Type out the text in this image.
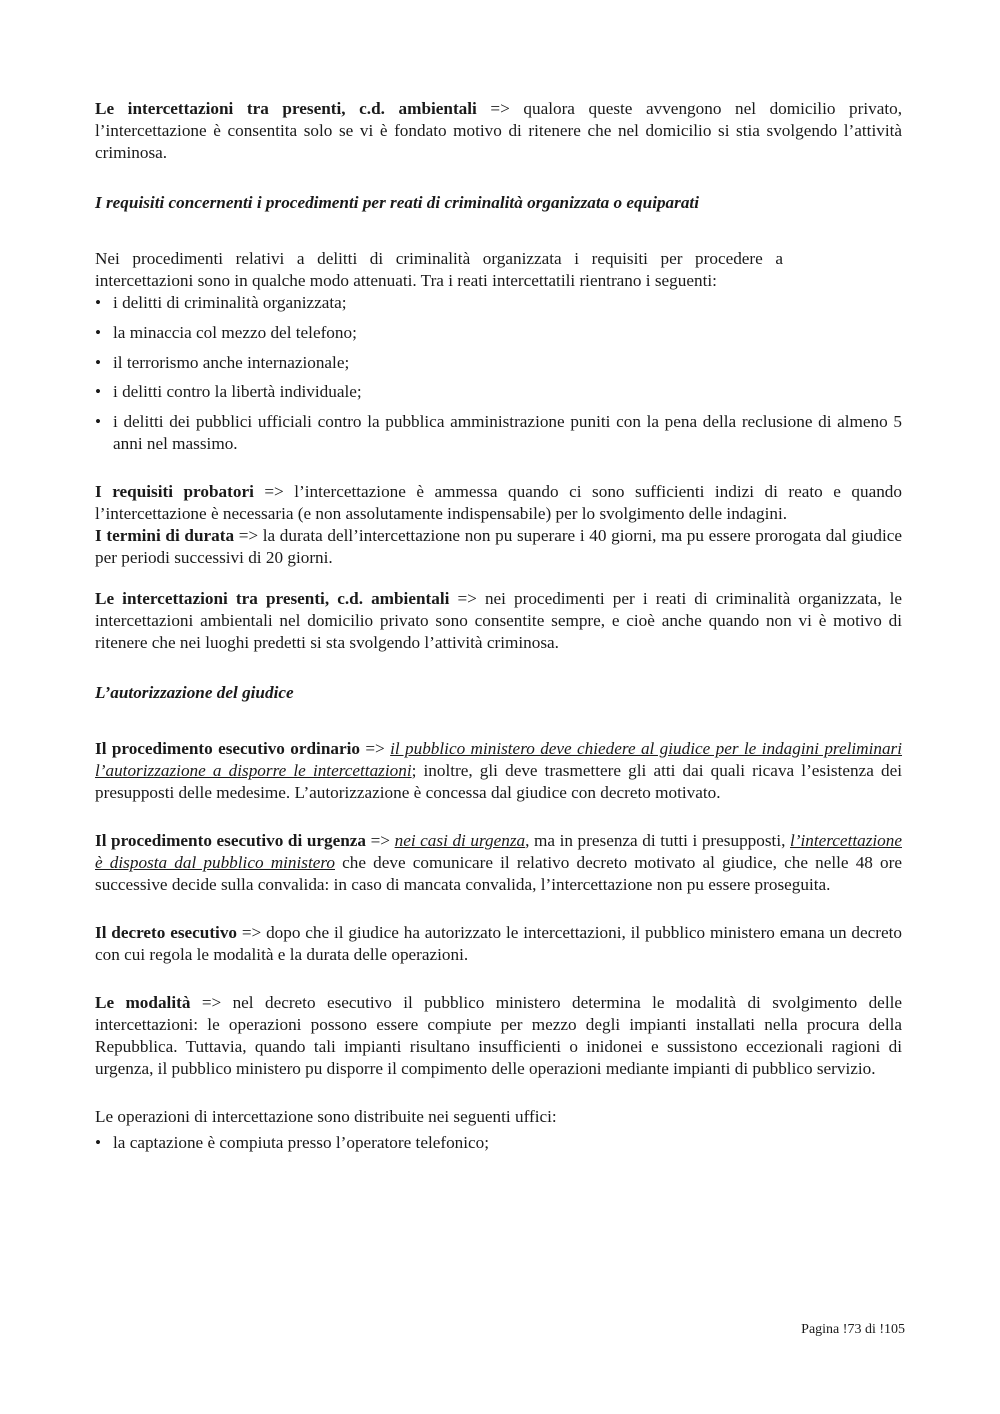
Le intercettazioni tra presenti, c.d. ambientali => qualora queste avvengono nel domicilio privato, l’intercettazione è consentita solo se vi è fondato motivo di ritenere che nel domicilio si stia svolgendo l’attività criminosa.

I requisiti concernenti i procedimenti per reati di criminalità organizzata o equiparati

Nei procedimenti relativi a delitti di criminalità organizzata i requisiti per procedere a intercettazioni sono in qualche modo attenuati. Tra i reati intercettatili rientrano i seguenti:

• i delitti di criminalità organizzata;
• la minaccia col mezzo del telefono;
• il terrorismo anche internazionale;
• i delitti contro la libertà individuale;
• i delitti dei pubblici ufficiali contro la pubblica amministrazione puniti con la pena della reclusione di almeno 5 anni nel massimo.

I requisiti probatori => l’intercettazione è ammessa quando ci sono sufficienti indizi di reato e quando l’intercettazione è necessaria (e non assolutamente indispensabile) per lo svolgimento delle indagini.

I termini di durata => la durata dell’intercettazione non pu superare i 40 giorni, ma pu essere prorogata dal giudice per periodi successivi di 20 giorni.

Le intercettazioni tra presenti, c.d. ambientali => nei procedimenti per i reati di criminalità organizzata, le intercettazioni ambientali nel domicilio privato sono consentite sempre, e cioè anche quando non vi è motivo di ritenere che nei luoghi predetti si sta svolgendo l’attività criminosa.

L’autorizzazione del giudice

Il procedimento esecutivo ordinario => il pubblico ministero deve chiedere al giudice per le indagini preliminari l’autorizzazione a disporre le intercettazioni; inoltre, gli deve trasmettere gli atti dai quali ricava l’esistenza dei presupposti delle medesime. L’autorizzazione è concessa dal giudice con decreto motivato.

Il procedimento esecutivo di urgenza => nei casi di urgenza, ma in presenza di tutti i presupposti, l’intercettazione è disposta dal pubblico ministero che deve comunicare il relativo decreto motivato al giudice, che nelle 48 ore successive decide sulla convalida: in caso di mancata convalida, l’intercettazione non pu essere proseguita.

Il decreto esecutivo => dopo che il giudice ha autorizzato le intercettazioni, il pubblico ministero emana un decreto con cui regola le modalità e la durata delle operazioni.

Le modalità => nel decreto esecutivo il pubblico ministero determina le modalità di svolgimento delle intercettazioni: le operazioni possono essere compiute per mezzo degli impianti installati nella procura della Repubblica. Tuttavia, quando tali impianti risultano insufficienti o inidonei e sussistono eccezionali ragioni di urgenza, il pubblico ministero pu disporre il compimento delle operazioni mediante impianti di pubblico servizio.

Le operazioni di intercettazione sono distribuite nei seguenti uffici:

• la captazione è compiuta presso l’operatore telefonico;
Pagina !73 di !105
